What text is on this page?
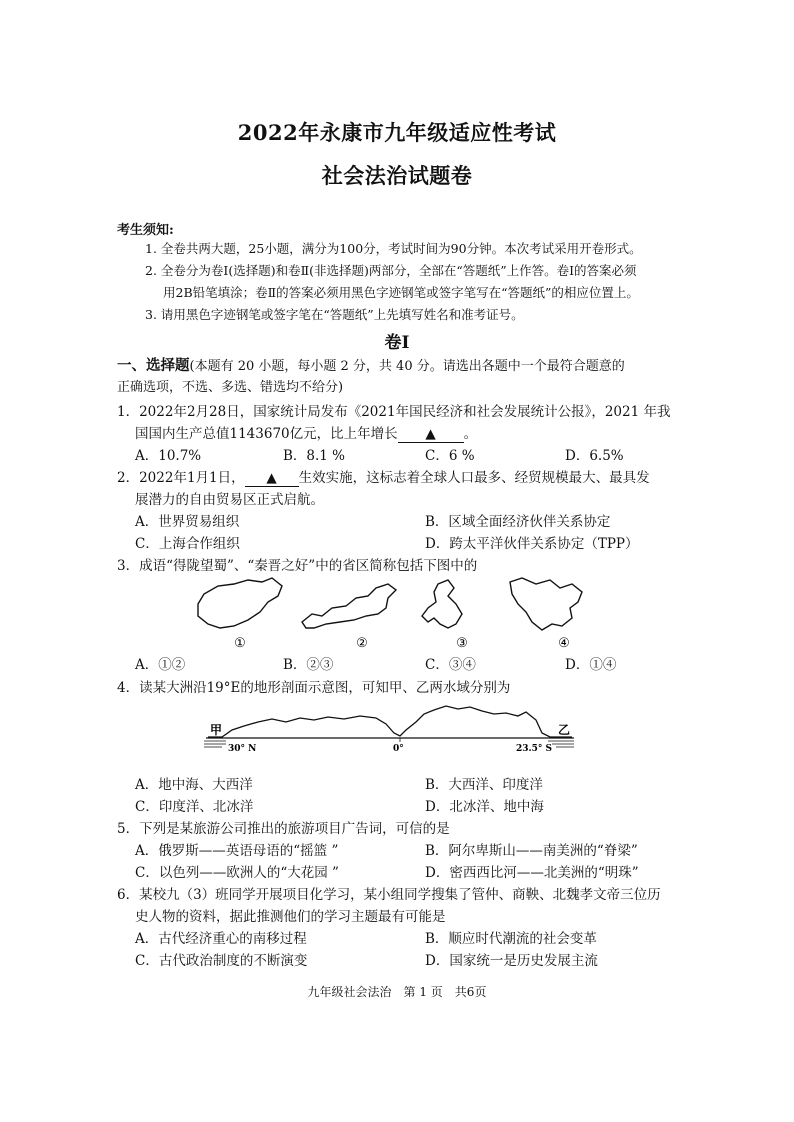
2022年永康市九年级适应性考试
社会法治试题卷
考生须知:
1. 全卷共两大题，25小题，满分为100分，考试时间为90分钟。本次考试采用开卷形式。
2. 全卷分为卷Ⅰ(选择题)和卷Ⅱ(非选择题)两部分，全部在“答题纸”上作答。卷Ⅰ的答案必须
用2B铅笔填涂；卷Ⅱ的答案必须用黑色字迹钢笔或签字笔写在“答题纸”的相应位置上。
3. 请用黑色字迹钢笔或签字笔在“答题纸”上先填写姓名和准考证号。
卷Ⅰ
一、选择题(本题有 20 小题，每小题 2 分，共 40 分。请选出各题中一个最符合题意的
正确选项，不选、多选、错选均不给分)
1．2022年2月28日，国家统计局发布《2021年国民经济和社会发展统计公报》，2021 年我
国国内生产总值1143670亿元，比上年增长 ▲ 。
A．10.7%	B．8.1 %	C．6 %	D．6.5%
2．2022年1月1日， ▲ 生效实施，这标志着全球人口最多、经贸规模最大、最具发
展潜力的自由贸易区正式启航。
A．世界贸易组织	B．区域全面经济伙伴关系协定
C．上海合作组织	D．跨太平洋伙伴关系协定（TPP）
3．成语“得陇望蜀”、“秦晋之好”中的省区简称包括下图中的
①	②	③	④
A．①②	B．②③	C．③④	D．①④
4．读某大洲沿19°E的地形剖面示意图，可知甲、乙两水域分别为
甲	乙
30° N	0°	23.5° S
A．地中海、大西洋	B．大西洋、印度洋
C．印度洋、北冰洋	D．北冰洋、地中海
5．下列是某旅游公司推出的旅游项目广告词，可信的是
A．俄罗斯——英语母语的“摇篮 ”	B．阿尔卑斯山——南美洲的“脊梁”
C．以色列——欧洲人的“大花园 ”	D．密西西比河——北美洲的“明珠”
6．某校九（3）班同学开展项目化学习，某小组同学搜集了管仲、商鞅、北魏孝文帝三位历
史人物的资料，据此推测他们的学习主题最有可能是
A．古代经济重心的南移过程	B．顺应时代潮流的社会变革
C．古代政治制度的不断演变	D．国家统一是历史发展主流
九年级社会法治　第 1 页　共6页
